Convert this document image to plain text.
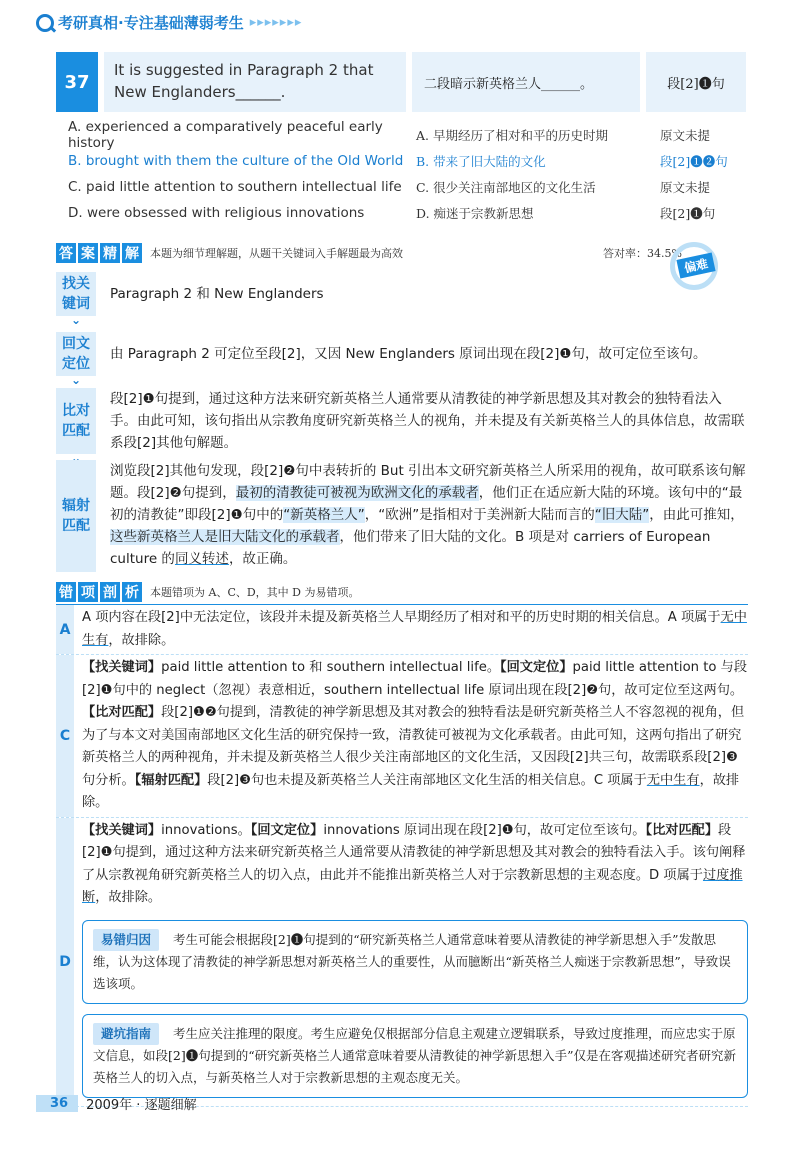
考研真相·专注基础薄弱考生 ▸▸▸▸▸▸▸
37
It is suggested in Paragraph 2 that New Englanders______.	二段暗示新英格兰人______。	段[2]❶句
A. experienced a comparatively peaceful early history	A. 早期经历了相对和平的历史时期	原文未提
B. brought with them the culture of the Old World	B. 带来了旧大陆的文化	段[2]❶❷句
C. paid little attention to southern intellectual life	C. 很少关注南部地区的文化生活	原文未提
D. were obsessed with religious innovations	D. 痴迷于宗教新思想	段[2]❶句
答 案 精 解 本题为细节理解题，从题干关键词入手解题最为高效	答对率：34.5%
偏难
找关键词 ⌄
Paragraph 2 和 New Englanders
回文定位 ⌄
由 Paragraph 2 可定位至段[2]，又因 New Englanders 原词出现在段[2]❶句，故可定位至该句。
比对匹配 ⌄
段[2]❶句提到，通过这种方法来研究新英格兰人通常要从清教徒的神学新思想及其对教会的独特看法入手。由此可知，该句指出从宗教角度研究新英格兰人的视角，并未提及有关新英格兰人的具体信息，故需联系段[2]其他句解题。
辐射匹配
浏览段[2]其他句发现，段[2]❷句中表转折的 But 引出本文研究新英格兰人所采用的视角，故可联系该句解题。段[2]❷句提到，最初的清教徒可被视为欧洲文化的承载者，他们正在适应新大陆的环境。该句中的“最初的清教徒”即段[2]❶句中的“新英格兰人”，“欧洲”是指相对于美洲新大陆而言的“旧大陆”，由此可推知，这些新英格兰人是旧大陆文化的承载者，他们带来了旧大陆的文化。B 项是对 carriers of European culture 的同义转述，故正确。
错 项 剖 析 本题错项为 A、C、D，其中 D 为易错项。
A
A 项内容在段[2]中无法定位，该段并未提及新英格兰人早期经历了相对和平的历史时期的相关信息。A 项属于无中生有，故排除。
C
【找关键词】paid little attention to 和 southern intellectual life。【回文定位】paid little attention to 与段[2]❶句中的 neglect（忽视）表意相近，southern intellectual life 原词出现在段[2]❷句，故可定位至这两句。【比对匹配】段[2]❶❷句提到，清教徒的神学新思想及其对教会的独特看法是研究新英格兰人不容忽视的视角，但为了与本文对美国南部地区文化生活的研究保持一致，清教徒可被视为文化承载者。由此可知，这两句指出了研究新英格兰人的两种视角，并未提及新英格兰人很少关注南部地区的文化生活，又因段[2]共三句，故需联系段[2]❸句分析。【辐射匹配】段[2]❸句也未提及新英格兰人关注南部地区文化生活的相关信息。C 项属于无中生有，故排除。
D
【找关键词】innovations。【回文定位】innovations 原词出现在段[2]❶句，故可定位至该句。【比对匹配】段[2]❶句提到，通过这种方法来研究新英格兰人通常要从清教徒的神学新思想及其对教会的独特看法入手。该句阐释了从宗教视角研究新英格兰人的切入点，由此并不能推出新英格兰人对于宗教新思想的主观态度。D 项属于过度推断，故排除。
易错归因 考生可能会根据段[2]❶句提到的“研究新英格兰人通常意味着要从清教徒的神学新思想入手”发散思维，认为这体现了清教徒的神学新思想对新英格兰人的重要性，从而臆断出“新英格兰人痴迷于宗教新思想”，导致误选该项。
避坑指南 考生应关注推理的限度。考生应避免仅根据部分信息主观建立逻辑联系，导致过度推理，而应忠实于原文信息，如段[2]❶句提到的“研究新英格兰人通常意味着要从清教徒的神学新思想入手”仅是在客观描述研究者研究新英格兰人的切入点，与新英格兰人对于宗教新思想的主观态度无关。
36	2009年 · 逐题细解
